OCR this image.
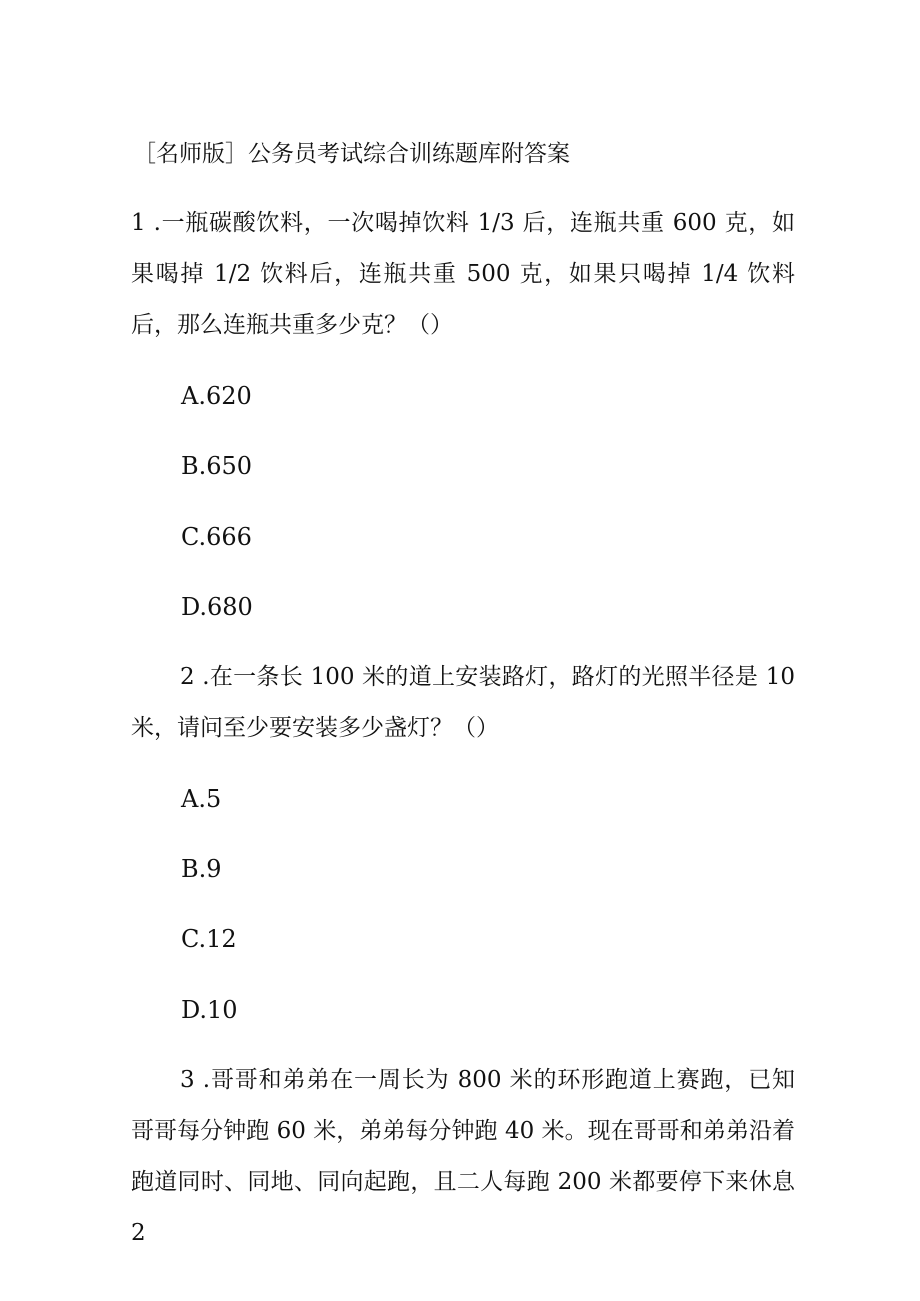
［名师版］公务员考试综合训练题库附答案

1 .一瓶碳酸饮料，一次喝掉饮料 1/3 后，连瓶共重 600 克，如果喝掉 1/2 饮料后，连瓶共重 500 克，如果只喝掉 1/4 饮料后，那么连瓶共重多少克？（）

A.620
B.650
C.666
D.680

2 .在一条长 100 米的道上安装路灯，路灯的光照半径是 10 米，请问至少要安装多少盏灯？（）

A.5
B.9
C.12
D.10

3 .哥哥和弟弟在一周长为 800 米的环形跑道上赛跑，已知哥哥每分钟跑 60 米，弟弟每分钟跑 40 米。现在哥哥和弟弟沿着跑道同时、同地、同向起跑，且二人每跑 200 米都要停下来休息 2
